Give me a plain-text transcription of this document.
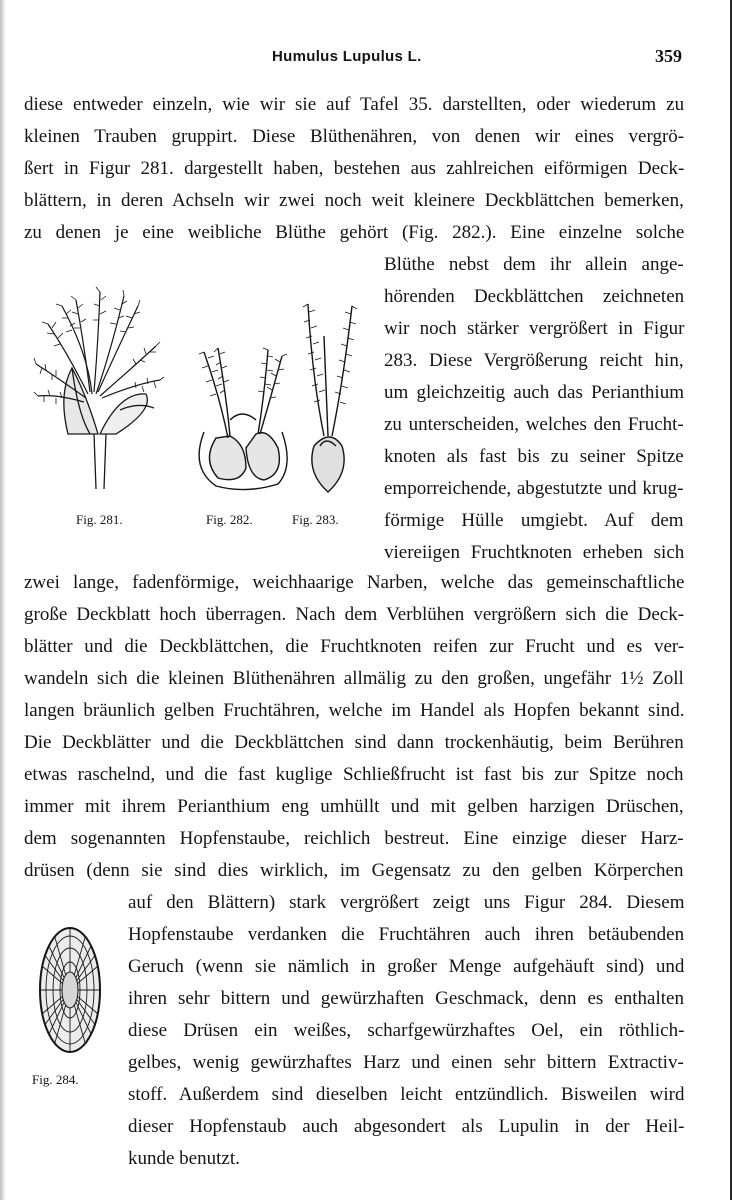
Humulus Lupulus L.	359
diese entweder einzeln, wie wir sie auf Tafel 35. darstellten, oder wiederum zu
kleinen Trauben gruppirt. Diese Blüthenähren, von denen wir eines vergrö-
ßert in Figur 281. dargestellt haben, bestehen aus zahlreichen eiförmigen Deck-
blättern, in deren Achseln wir zwei noch weit kleinere Deckblättchen bemerken,
zu denen je eine weibliche Blüthe gehört (Fig. 282.). Eine einzelne solche
Blüthe nebst dem ihr allein ange-
hörenden Deckblättchen zeichneten
wir noch stärker vergrößert in Figur
283. Diese Vergrößerung reicht hin,
um gleichzeitig auch das Perianthium
zu unterscheiden, welches den Frucht-
knoten als fast bis zu seiner Spitze
emporreichende, abgestutzte und krug-
förmige Hülle umgiebt. Auf dem
viereiigen Fruchtknoten erheben sich
zwei lange, fadenförmige, weichhaarige Narben, welche das gemeinschaftliche
große Deckblatt hoch überragen. Nach dem Verblühen vergrößern sich die Deck-
blätter und die Deckblättchen, die Fruchtknoten reifen zur Frucht und es ver-
wandeln sich die kleinen Blüthenähren allmälig zu den großen, ungefähr 1½ Zoll
langen bräunlich gelben Fruchtähren, welche im Handel als Hopfen bekannt sind.
Die Deckblätter und die Deckblättchen sind dann trockenhäutig, beim Berühren
etwas raschelnd, und die fast kuglige Schließfrucht ist fast bis zur Spitze noch
immer mit ihrem Perianthium eng umhüllt und mit gelben harzigen Drüschen,
dem sogenannten Hopfenstaube, reichlich bestreut. Eine einzige dieser Harz-
drüsen (denn sie sind dies wirklich, im Gegensatz zu den gelben Körperchen
auf den Blättern) stark vergrößert zeigt uns Figur 284. Diesem
Hopfenstaube verdanken die Fruchtähren auch ihren betäubenden
Geruch (wenn sie nämlich in großer Menge aufgehäuft sind) und
ihren sehr bittern und gewürzhaften Geschmack, denn es enthalten
diese Drüsen ein weißes, scharfgewürzhaftes Oel, ein röthlich-
gelbes, wenig gewürzhaftes Harz und einen sehr bittern Extractiv-
stoff. Außerdem sind dieselben leicht entzündlich. Bisweilen wird
dieser Hopfenstaub auch abgesondert als Lupulin in der Heil-
kunde benutzt.
Fig. 281.	Fig. 282.	Fig. 283.
Fig. 284.
